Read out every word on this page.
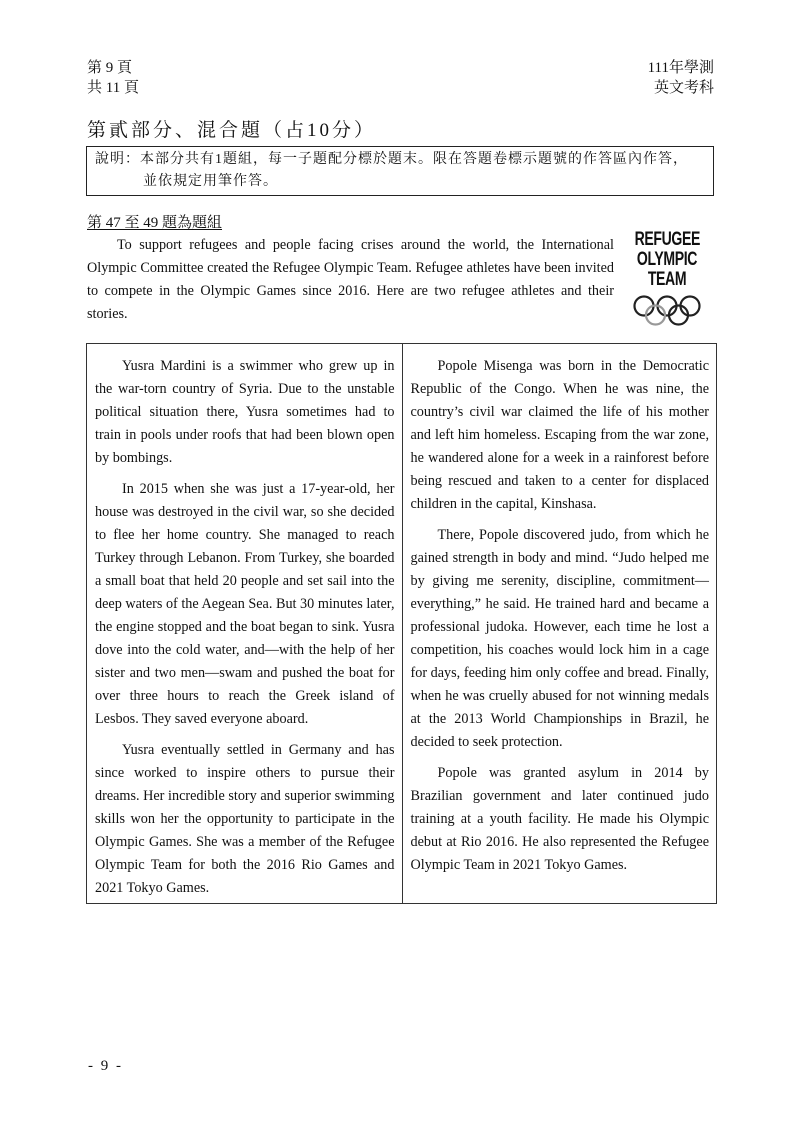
第 9 頁
共 11 頁
111年學測
英文考科
第貳部分、混合題（占10分）
說明：本部分共有1題組，每一子題配分標於題末。限在答題卷標示題號的作答區內作答，
並依規定用筆作答。
第 47 至 49 題為題組
To support refugees and people facing crises around the world, the International Olympic Committee created the Refugee Olympic Team. Refugee athletes have been invited to compete in the Olympic Games since 2016. Here are two refugee athletes and their stories.
REFUGEE
OLYMPIC
TEAM

Yusra Mardini is a swimmer who grew up in the war-torn country of Syria. Due to the unstable political situation there, Yusra sometimes had to train in pools under roofs that had been blown open by bombings.

In 2015 when she was just a 17-year-old, her house was destroyed in the civil war, so she decided to flee her home country. She managed to reach Turkey through Lebanon. From Turkey, she boarded a small boat that held 20 people and set sail into the deep waters of the Aegean Sea. But 30 minutes later, the engine stopped and the boat began to sink. Yusra dove into the cold water, and—with the help of her sister and two men—swam and pushed the boat for over three hours to reach the Greek island of Lesbos. They saved everyone aboard.

Yusra eventually settled in Germany and has since worked to inspire others to pursue their dreams. Her incredible story and superior swimming skills won her the opportunity to participate in the Olympic Games. She was a member of the Refugee Olympic Team for both the 2016 Rio Games and 2021 Tokyo Games.

Popole Misenga was born in the Democratic Republic of the Congo. When he was nine, the country’s civil war claimed the life of his mother and left him homeless. Escaping from the war zone, he wandered alone for a week in a rainforest before being rescued and taken to a center for displaced children in the capital, Kinshasa.

There, Popole discovered judo, from which he gained strength in body and mind. “Judo helped me by giving me serenity, discipline, commitment—everything,” he said. He trained hard and became a professional judoka. However, each time he lost a competition, his coaches would lock him in a cage for days, feeding him only coffee and bread. Finally, when he was cruelly abused for not winning medals at the 2013 World Championships in Brazil, he decided to seek protection.

Popole was granted asylum in 2014 by Brazilian government and later continued judo training at a youth facility. He made his Olympic debut at Rio 2016. He also represented the Refugee Olympic Team in 2021 Tokyo Games.

- 9 -
